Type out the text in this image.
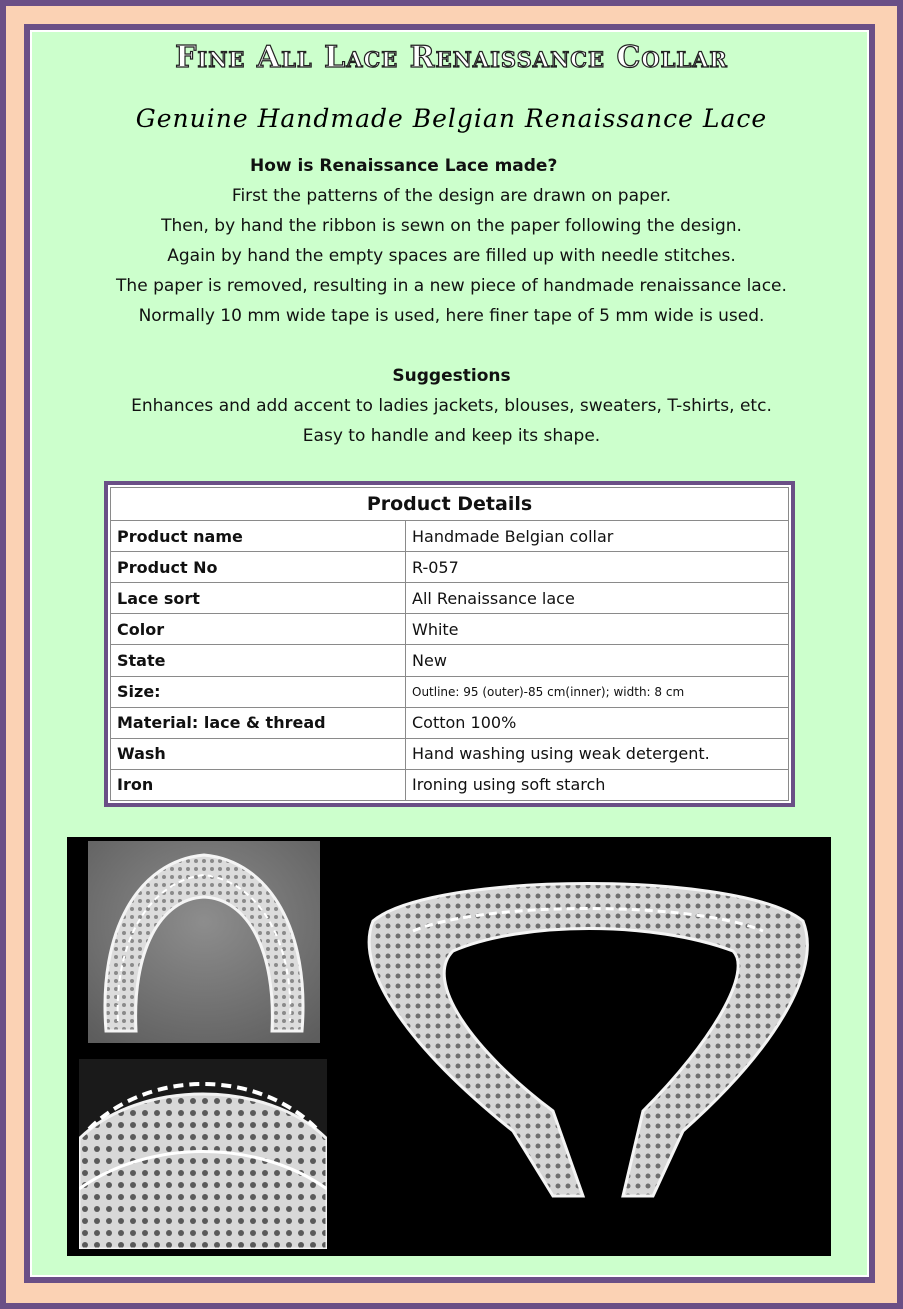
Fine All Lace Renaissance Collar
Genuine Handmade Belgian Renaissance Lace
How is Renaissance Lace made?
First the patterns of the design are drawn on paper.
Then, by hand the ribbon is sewn on the paper following the design.
Again by hand the empty spaces are filled up with needle stitches.
The paper is removed, resulting in a new piece of handmade renaissance lace.
Normally 10 mm wide tape is used, here finer tape of 5 mm wide is used.
Suggestions
Enhances and add accent to ladies jackets, blouses, sweaters, T-shirts, etc.
Easy to handle and keep its shape.
Product Details	
Product name	Handmade Belgian collar
Product No	R-057
Lace sort	All Renaissance lace
Color	White
State	New
Size:	Outline: 95 (outer)-85 cm(inner); width: 8 cm
Material: lace & thread	Cotton 100%
Wash	Hand washing using weak detergent.
Iron	Ironing using soft starch
